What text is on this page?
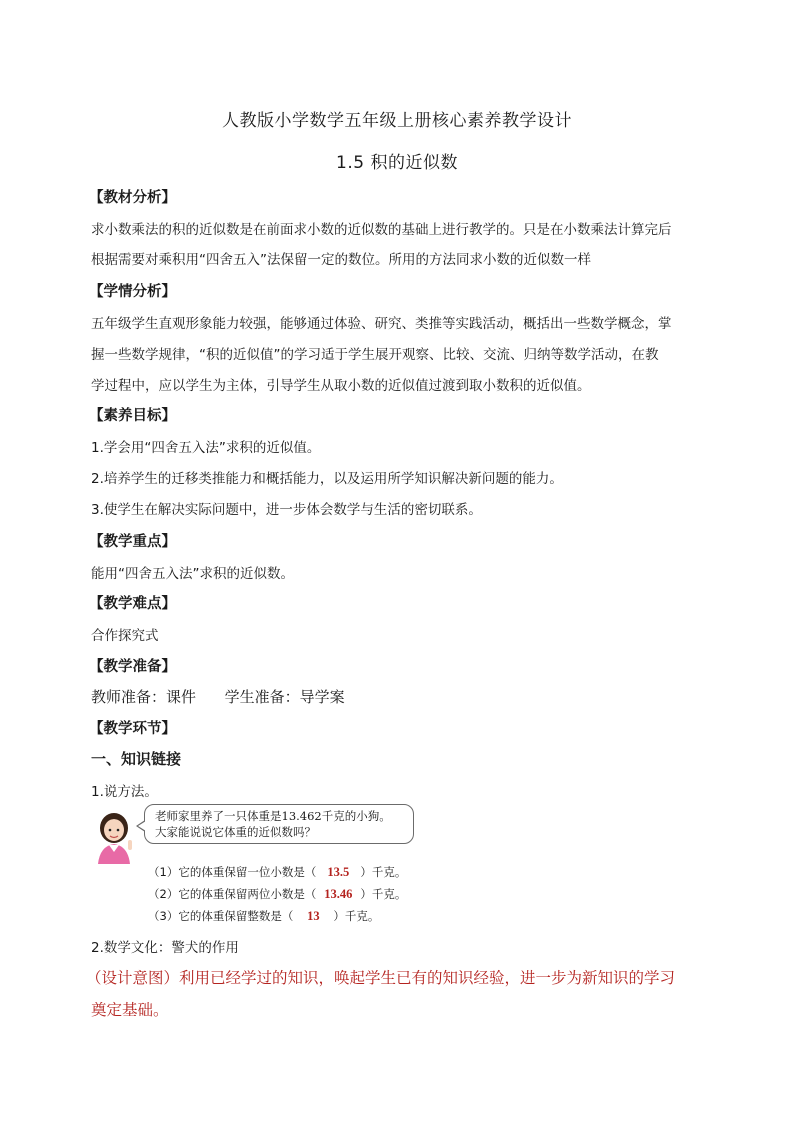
人教版小学数学五年级上册核心素养教学设计
1.5 积的近似数
【教材分析】
求小数乘法的积的近似数是在前面求小数的近似数的基础上进行教学的。只是在小数乘法计算完后
根据需要对乘积用“四舍五入”法保留一定的数位。所用的方法同求小数的近似数一样
【学情分析】
五年级学生直观形象能力较强，能够通过体验、研究、类推等实践活动，概括出一些数学概念，掌
握一些数学规律，“积的近似值”的学习适于学生展开观察、比较、交流、归纳等数学活动，在教
学过程中，应以学生为主体，引导学生从取小数的近似值过渡到取小数积的近似值。
【素养目标】
1.学会用“四舍五入法”求积的近似值。
2.培养学生的迁移类推能力和概括能力，以及运用所学知识解决新问题的能力。
3.使学生在解决实际问题中，进一步体会数学与生活的密切联系。
【教学重点】
能用“四舍五入法”求积的近似数。
【教学难点】
合作探究式
【教学准备】
教师准备：课件      学生准备：导学案
【教学环节】
一、知识链接
1.说方法。
老师家里养了一只体重是13.462千克的小狗。
大家能说说它体重的近似数吗？
（1）它的体重保留一位小数是（ 13.5 ）千克。
（2）它的体重保留两位小数是（ 13.46 ）千克。
（3）它的体重保留整数是（ 13 ）千克。
2.数学文化：警犬的作用
（设计意图）利用已经学过的知识，唤起学生已有的知识经验，进一步为新知识的学习
奠定基础。
